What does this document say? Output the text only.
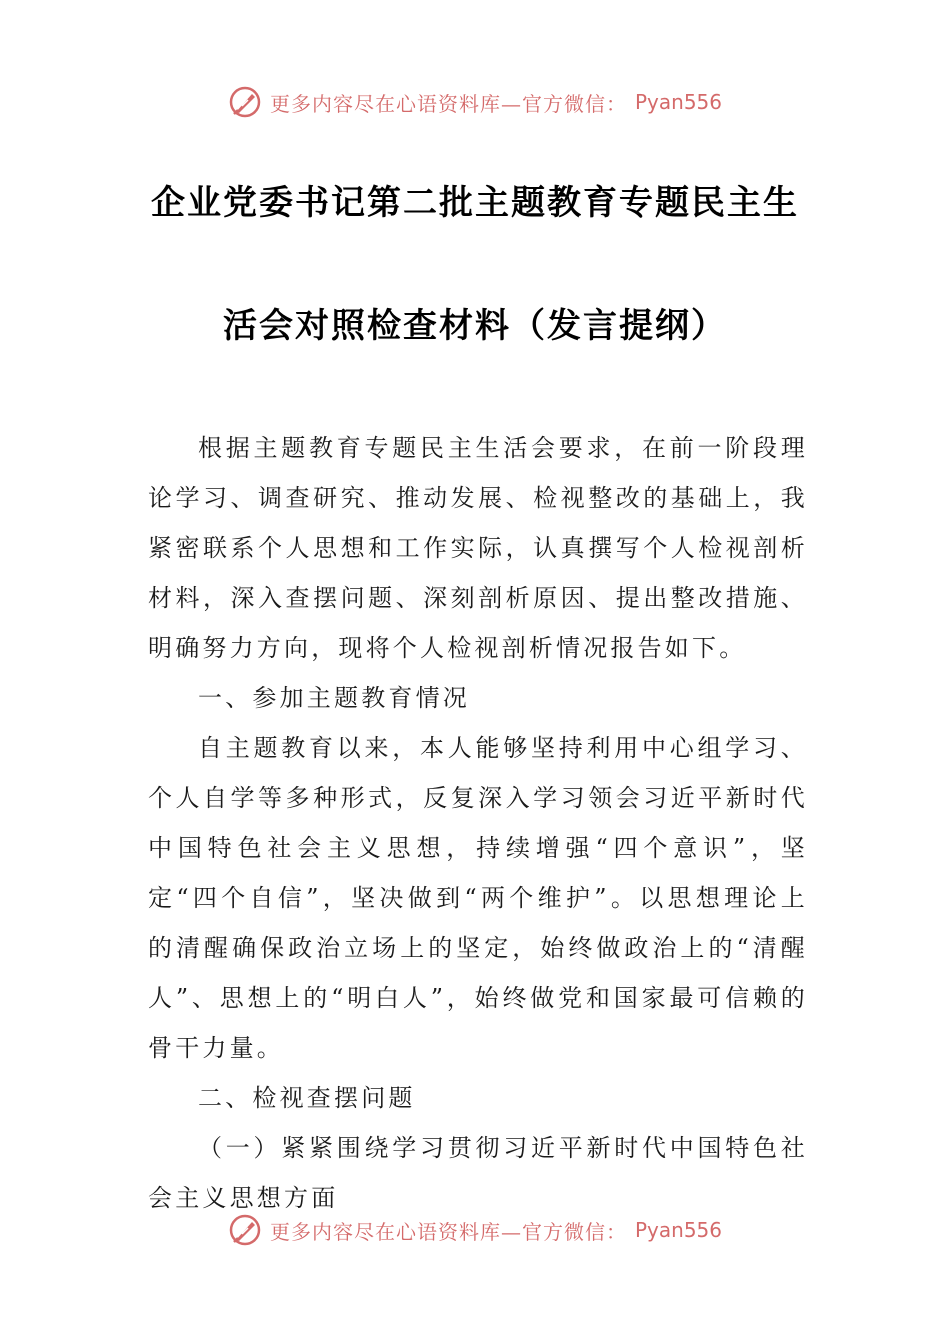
更多内容尽在心语资料库—官方微信： Pyan556
企业党委书记第二批主题教育专题民主生
活会对照检查材料（发言提纲）

根据主题教育专题民主生活会要求，在前一阶段理论学习、调查研究、推动发展、检视整改的基础上，我紧密联系个人思想和工作实际，认真撰写个人检视剖析材料，深入查摆问题、深刻剖析原因、提出整改措施、明确努力方向，现将个人检视剖析情况报告如下。

一、参加主题教育情况

自主题教育以来，本人能够坚持利用中心组学习、个人自学等多种形式，反复深入学习领会习近平新时代中国特色社会主义思想，持续增强“四个意识”，坚定“四个自信”，坚决做到“两个维护”。以思想理论上的清醒确保政治立场上的坚定，始终做政治上的“清醒人”、思想上的“明白人”，始终做党和国家最可信赖的骨干力量。

二、检视查摆问题

（一）紧紧围绕学习贯彻习近平新时代中国特色社会主义思想方面

更多内容尽在心语资料库—官方微信： Pyan556
